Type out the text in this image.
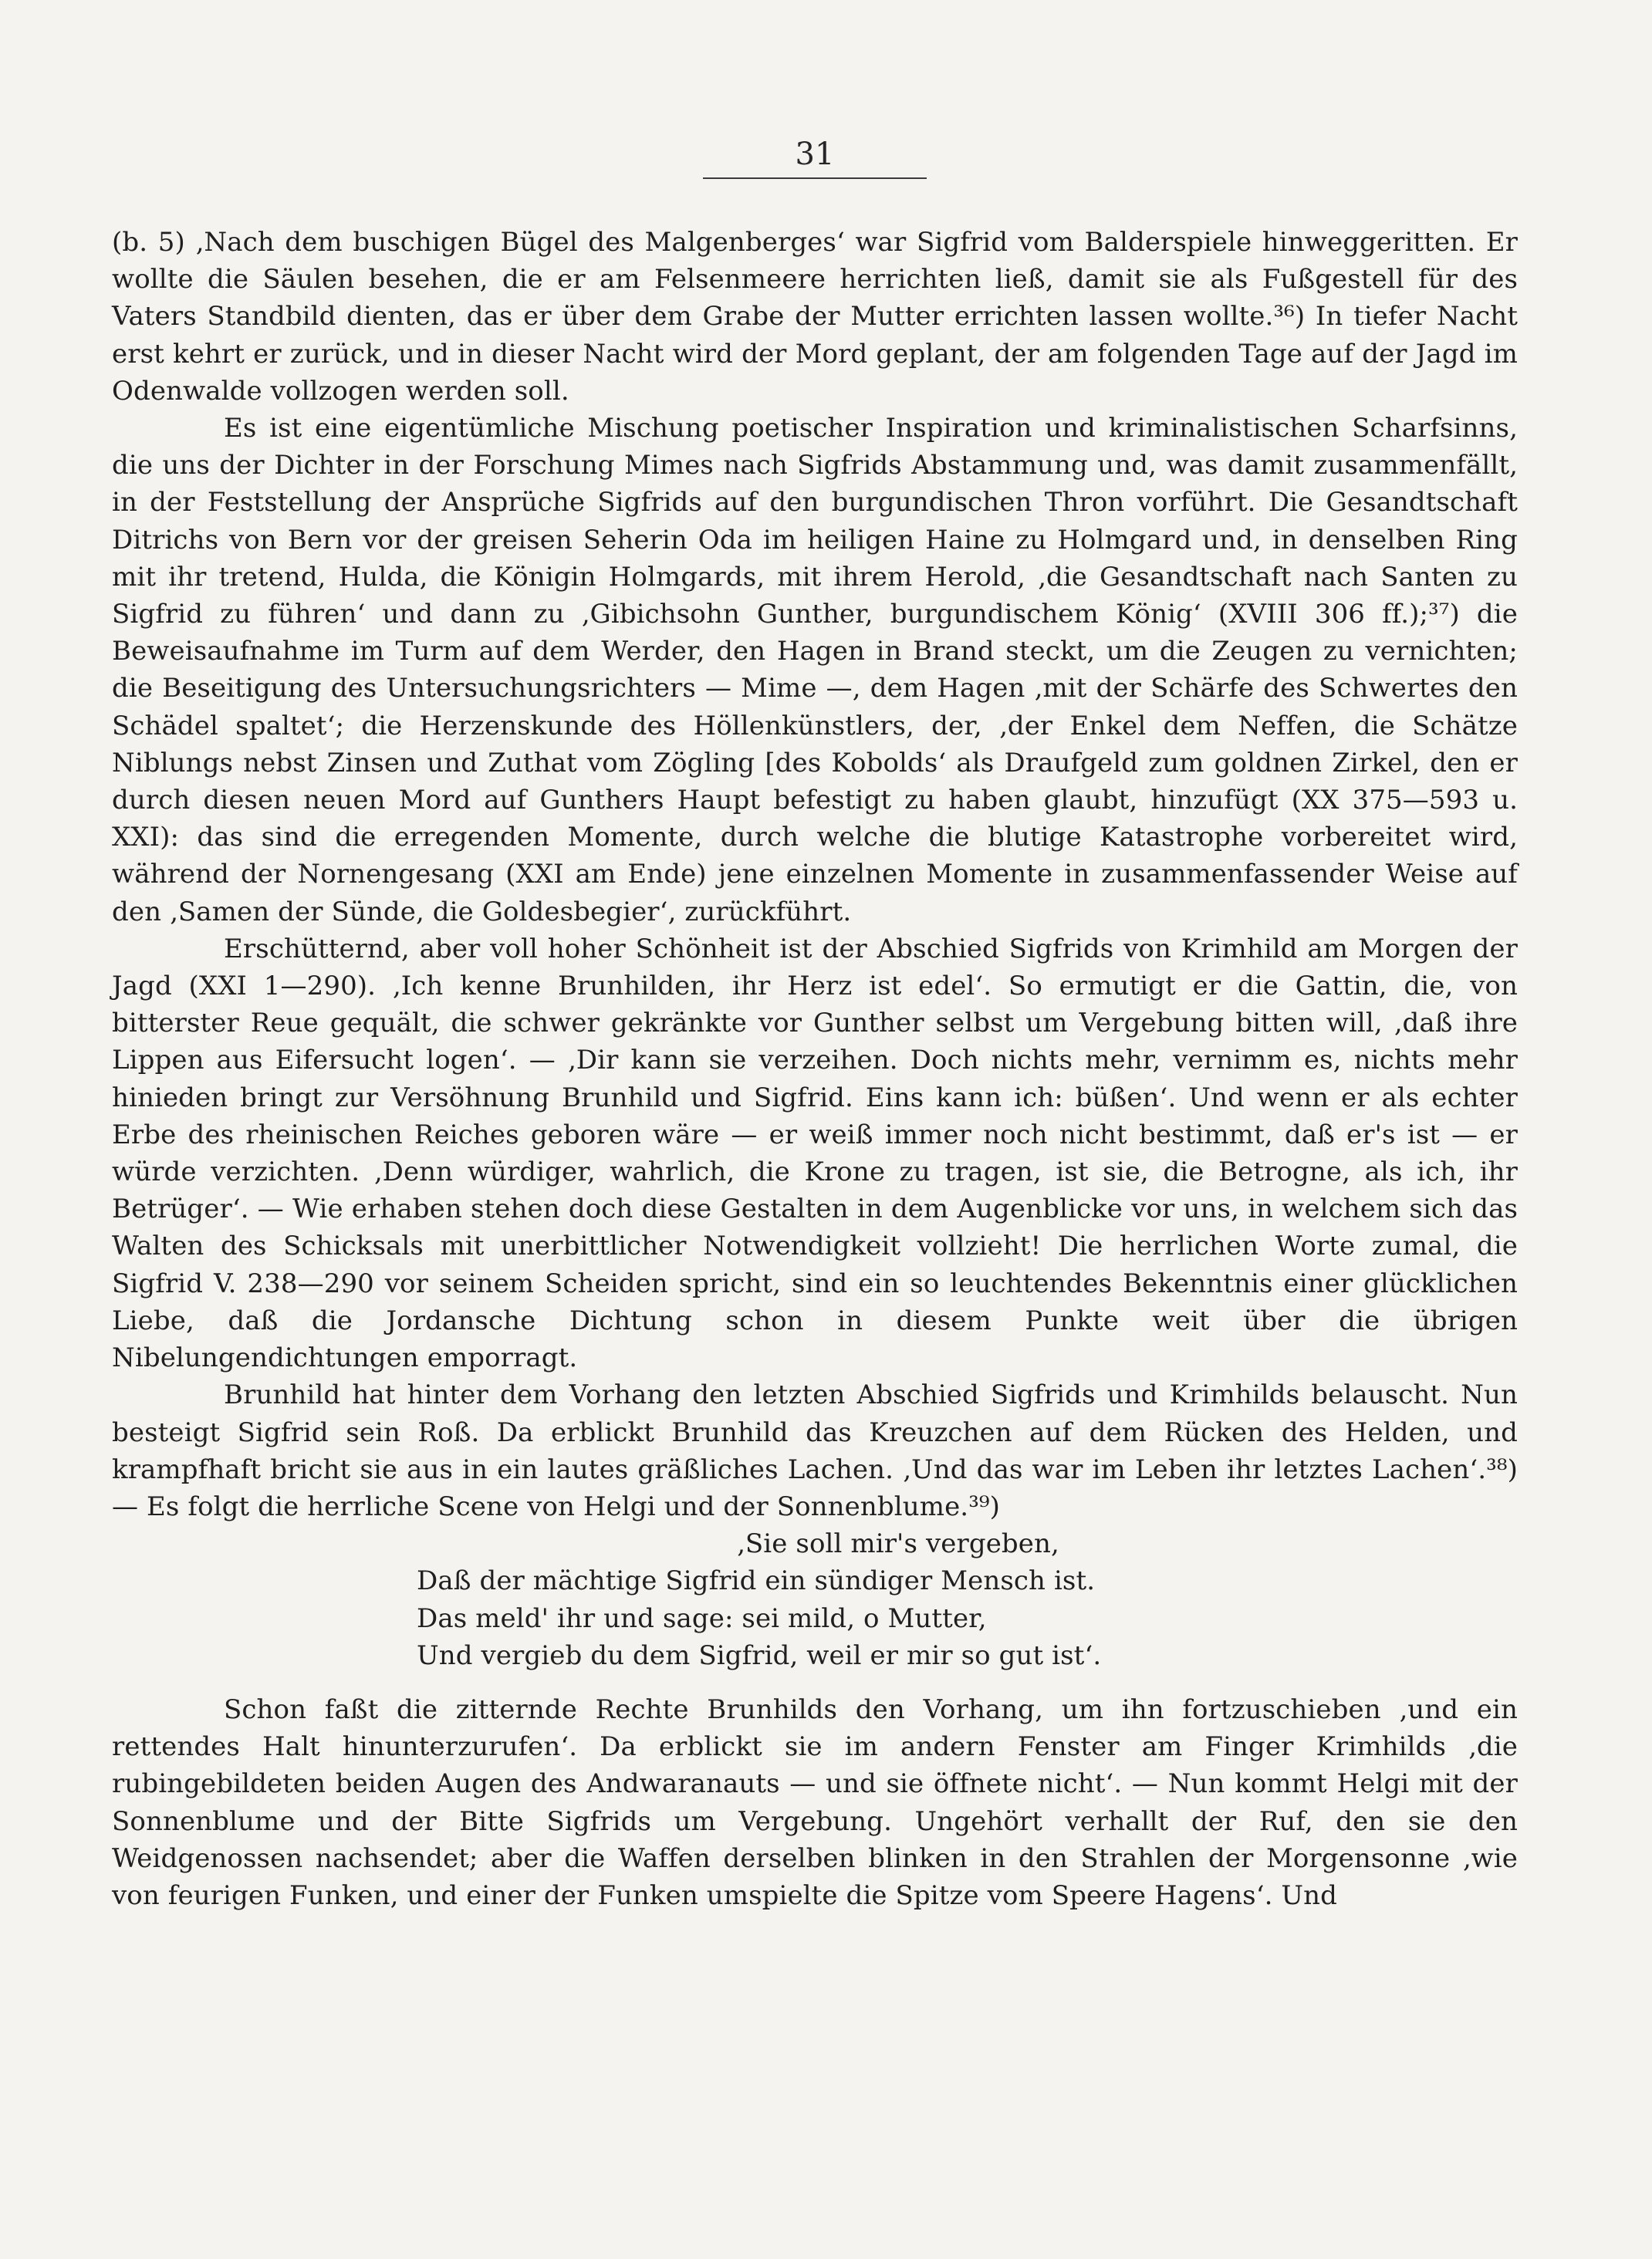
31

(b. 5) ‚Nach dem buschigen Bügel des Malgenberges‘ war Sigfrid vom Balderspiele hinweggeritten. Er wollte die Säulen besehen, die er am Felsenmeere herrichten ließ, damit sie als Fußgestell für des Vaters Standbild dienten, das er über dem Grabe der Mutter errichten lassen wollte.³⁶) In tiefer Nacht erst kehrt er zurück, und in dieser Nacht wird der Mord geplant, der am folgenden Tage auf der Jagd im Odenwalde vollzogen werden soll.

Es ist eine eigentümliche Mischung poetischer Inspiration und kriminalistischen Scharfsinns, die uns der Dichter in der Forschung Mimes nach Sigfrids Abstammung und, was damit zusammenfällt, in der Feststellung der Ansprüche Sigfrids auf den burgundischen Thron vorführt. Die Gesandtschaft Ditrichs von Bern vor der greisen Seherin Oda im heiligen Haine zu Holmgard und, in denselben Ring mit ihr tretend, Hulda, die Königin Holmgards, mit ihrem Herold, ‚die Gesandtschaft nach Santen zu Sigfrid zu führen‘ und dann zu ‚Gibichsohn Gunther, burgundischem König‘ (XVIII 306 ff.);³⁷) die Beweisaufnahme im Turm auf dem Werder, den Hagen in Brand steckt, um die Zeugen zu vernichten; die Beseitigung des Untersuchungsrichters — Mime —, dem Hagen ‚mit der Schärfe des Schwertes den Schädel spaltet‘; die Herzenskunde des Höllenkünstlers, der, ‚der Enkel dem Neffen, die Schätze Niblungs nebst Zinsen und Zuthat vom Zögling [des Kobolds‘ als Draufgeld zum goldnen Zirkel, den er durch diesen neuen Mord auf Gunthers Haupt befestigt zu haben glaubt, hinzufügt (XX 375—593 u. XXI): das sind die erregenden Momente, durch welche die blutige Katastrophe vorbereitet wird, während der Nornengesang (XXI am Ende) jene einzelnen Momente in zusammenfassender Weise auf den ‚Samen der Sünde, die Goldesbegier‘, zurückführt.

Erschütternd, aber voll hoher Schönheit ist der Abschied Sigfrids von Krimhild am Morgen der Jagd (XXI 1—290). ‚Ich kenne Brunhilden, ihr Herz ist edel‘. So ermutigt er die Gattin, die, von bitterster Reue gequält, die schwer gekränkte vor Gunther selbst um Vergebung bitten will, ‚daß ihre Lippen aus Eifersucht logen‘. — ‚Dir kann sie verzeihen. Doch nichts mehr, vernimm es, nichts mehr hinieden bringt zur Versöhnung Brunhild und Sigfrid. Eins kann ich: büßen‘. Und wenn er als echter Erbe des rheinischen Reiches geboren wäre — er weiß immer noch nicht bestimmt, daß er's ist — er würde verzichten. ‚Denn würdiger, wahrlich, die Krone zu tragen, ist sie, die Betrogne, als ich, ihr Betrüger‘. — Wie erhaben stehen doch diese Gestalten in dem Augenblicke vor uns, in welchem sich das Walten des Schicksals mit unerbittlicher Notwendigkeit vollzieht! Die herrlichen Worte zumal, die Sigfrid V. 238—290 vor seinem Scheiden spricht, sind ein so leuchtendes Bekenntnis einer glücklichen Liebe, daß die Jordansche Dichtung schon in diesem Punkte weit über die übrigen Nibelungendichtungen emporragt.

Brunhild hat hinter dem Vorhang den letzten Abschied Sigfrids und Krimhilds belauscht. Nun besteigt Sigfrid sein Roß. Da erblickt Brunhild das Kreuzchen auf dem Rücken des Helden, und krampfhaft bricht sie aus in ein lautes gräßliches Lachen. ‚Und das war im Leben ihr letztes Lachen‘.³⁸) — Es folgt die herrliche Scene von Helgi und der Sonnenblume.³⁹)

‚Sie soll mir's vergeben,
Daß der mächtige Sigfrid ein sündiger Mensch ist.
Das meld' ihr und sage: sei mild, o Mutter,
Und vergieb du dem Sigfrid, weil er mir so gut ist‘.

Schon faßt die zitternde Rechte Brunhilds den Vorhang, um ihn fortzuschieben ‚und ein rettendes Halt hinunterzurufen‘. Da erblickt sie im andern Fenster am Finger Krimhilds ‚die rubingebildeten beiden Augen des Andwaranauts — und sie öffnete nicht‘. — Nun kommt Helgi mit der Sonnenblume und der Bitte Sigfrids um Vergebung. Ungehört verhallt der Ruf, den sie den Weidgenossen nachsendet; aber die Waffen derselben blinken in den Strahlen der Morgensonne ‚wie von feurigen Funken, und einer der Funken umspielte die Spitze vom Speere Hagens‘. Und
